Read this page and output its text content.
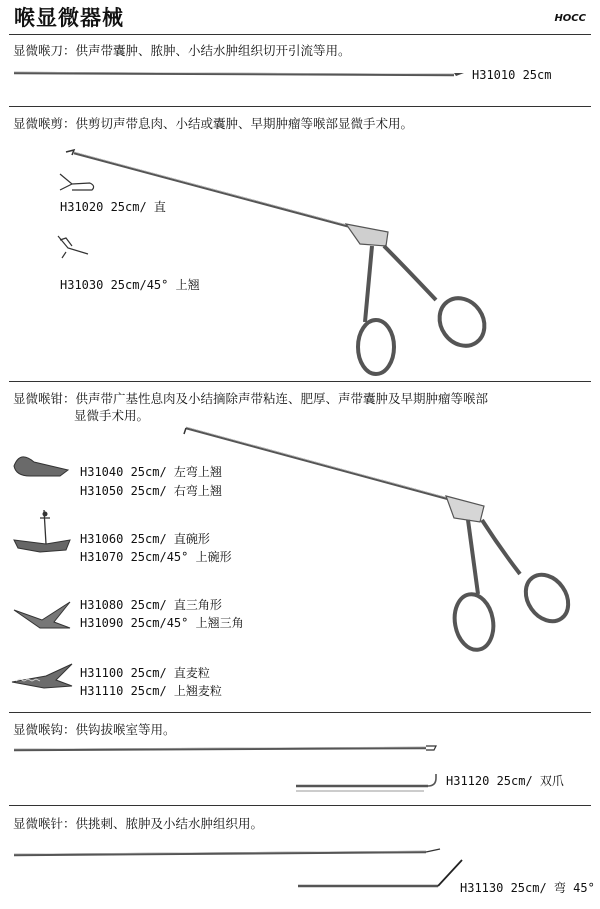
喉显微器械	HOCC
显微喉刀：供声带囊肿、脓肿、小结水肿组织切开引流等用。
H31010 25cm
显微喉剪：供剪切声带息肉、小结或囊肿、早期肿瘤等喉部显微手术用。
H31020 25cm/ 直
H31030 25cm/45° 上翘
显微喉钳：供声带广基性息肉及小结摘除声带粘连、肥厚、声带囊肿及早期肿瘤等喉部
显微手术用。
H31040 25cm/ 左弯上翘
H31050 25cm/ 右弯上翘
H31060 25cm/ 直碗形
H31070 25cm/45° 上碗形
H31080 25cm/ 直三角形
H31090 25cm/45° 上翘三角
H31100 25cm/ 直麦粒
H31110 25cm/ 上翘麦粒
显微喉钩：供钩拔喉室等用。
H31120 25cm/ 双爪
显微喉针：供挑刺、脓肿及小结水肿组织用。
H31130 25cm/ 弯 45°
